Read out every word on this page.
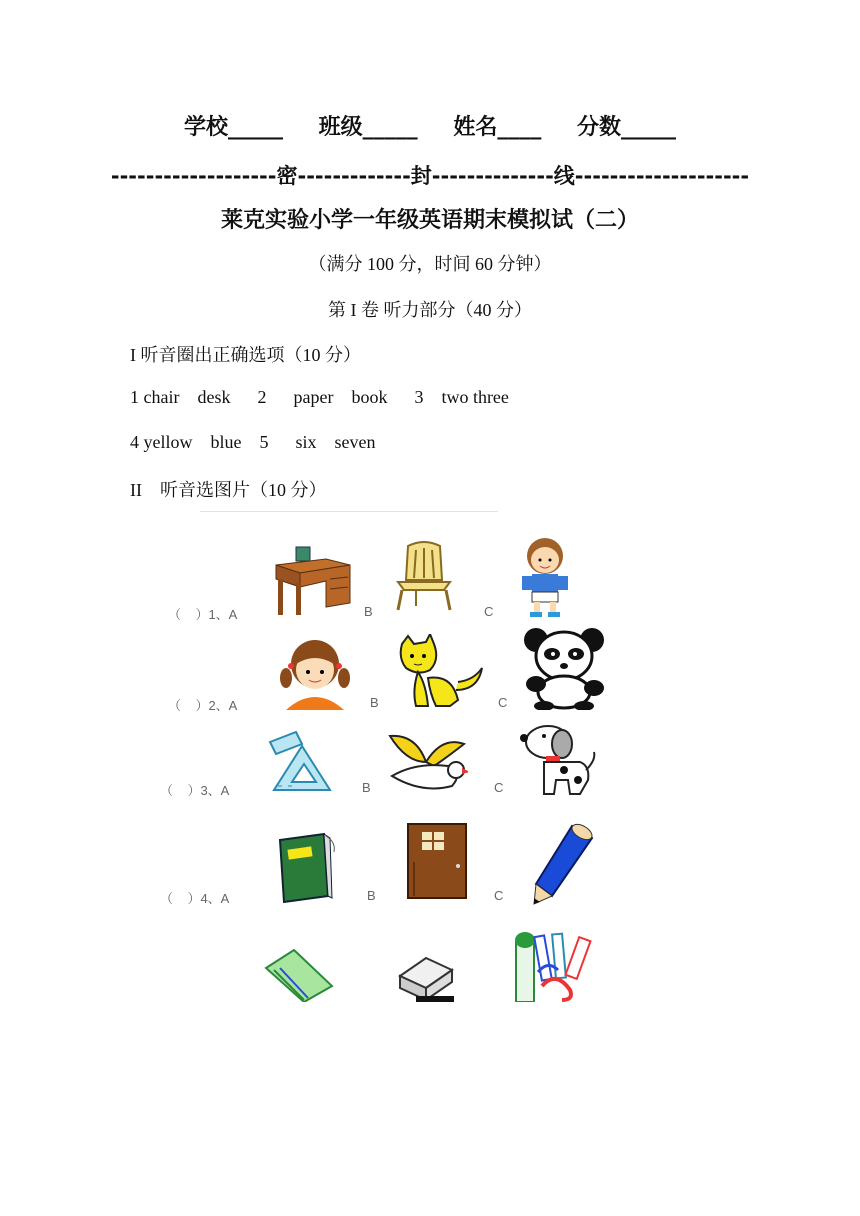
学校_____ 班级_____ 姓名____ 分数_____
-------------------密-------------封--------------线--------------------
莱克实验小学一年级英语期末模拟试（二）
（满分 100 分，时间 60 分钟）
第 I 卷 听力部分（40 分）
I 听音圈出正确选项（10 分）
1 chair    desk      2      paper    book      3    two three
4 yellow    blue    5      six    seven
II    听音选图片（10 分）
（    ）1、A	B	C
（    ）2、A	B	C
（    ）3、A	B	C
（    ）4、A	B	C
